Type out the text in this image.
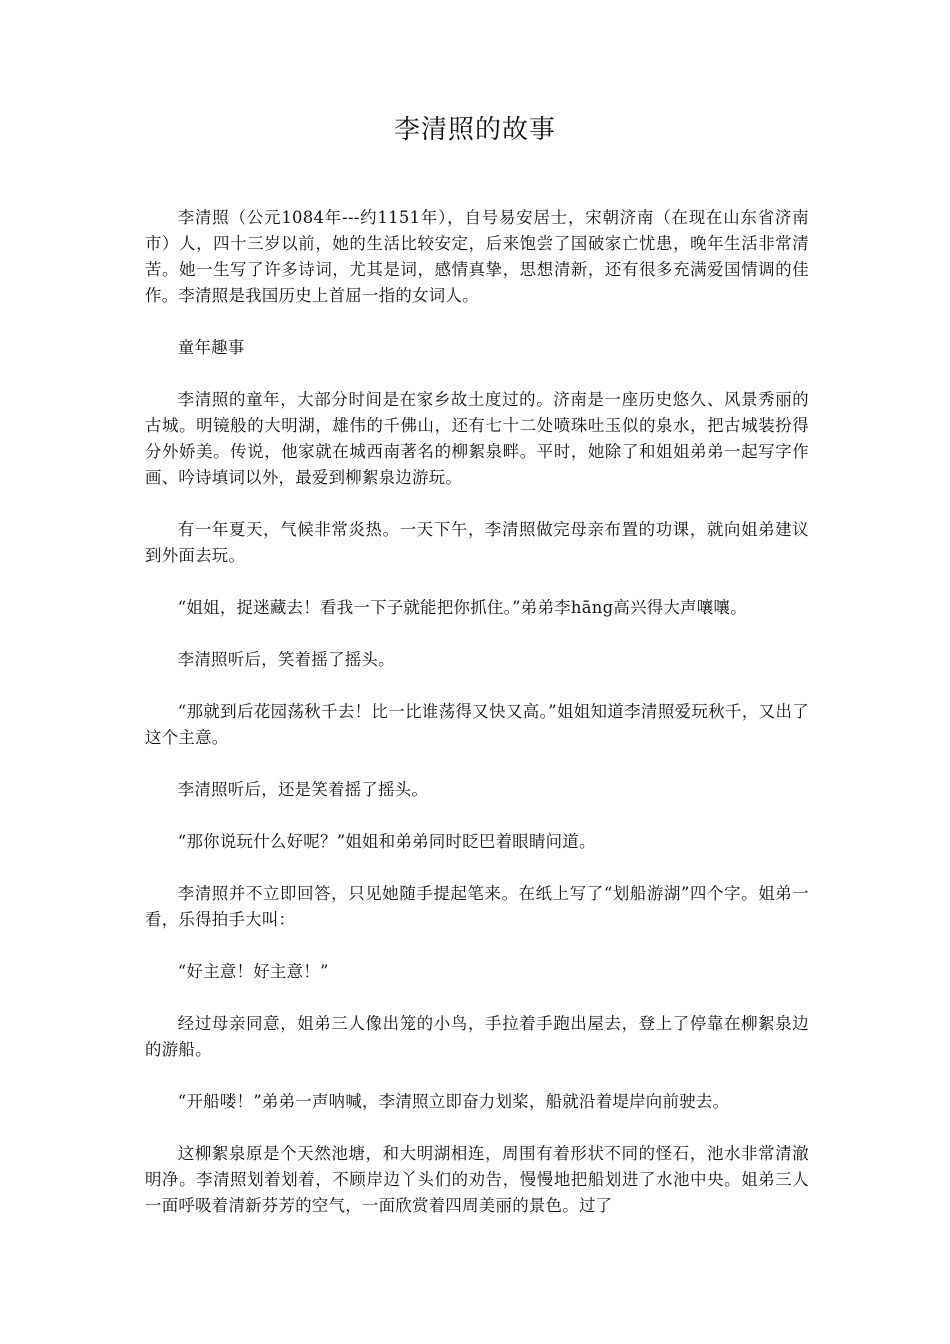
李清照的故事

李清照（公元1084年---约1151年），自号易安居士，宋朝济南（在现在山东省济南市）人，四十三岁以前，她的生活比较安定，后来饱尝了国破家亡忧患，晚年生活非常清苦。她一生写了许多诗词，尤其是词，感情真挚，思想清新，还有很多充满爱国情调的佳作。李清照是我国历史上首屈一指的女词人。

童年趣事

李清照的童年，大部分时间是在家乡故土度过的。济南是一座历史悠久、风景秀丽的古城。明镜般的大明湖，雄伟的千佛山，还有七十二处喷珠吐玉似的泉水，把古城装扮得分外娇美。传说，他家就在城西南著名的柳絮泉畔。平时，她除了和姐姐弟弟一起写字作画、吟诗填词以外，最爱到柳絮泉边游玩。

有一年夏天，气候非常炎热。一天下午，李清照做完母亲布置的功课，就向姐弟建议到外面去玩。

“姐姐，捉迷藏去！看我一下子就能把你抓住。”弟弟李hāng高兴得大声嚷嚷。

李清照听后，笑着摇了摇头。

“那就到后花园荡秋千去！比一比谁荡得又快又高。”姐姐知道李清照爱玩秋千，又出了这个主意。

李清照听后，还是笑着摇了摇头。

“那你说玩什么好呢？”姐姐和弟弟同时眨巴着眼睛问道。

李清照并不立即回答，只见她随手提起笔来。在纸上写了“划船游湖”四个字。姐弟一看，乐得拍手大叫：

“好主意！好主意！”

经过母亲同意，姐弟三人像出笼的小鸟，手拉着手跑出屋去，登上了停靠在柳絮泉边的游船。

“开船喽！”弟弟一声呐喊，李清照立即奋力划桨，船就沿着堤岸向前驶去。

这柳絮泉原是个天然池塘，和大明湖相连，周围有着形状不同的怪石，池水非常清澈明净。李清照划着划着，不顾岸边丫头们的劝告，慢慢地把船划进了水池中央。姐弟三人一面呼吸着清新芬芳的空气，一面欣赏着四周美丽的景色。过了
